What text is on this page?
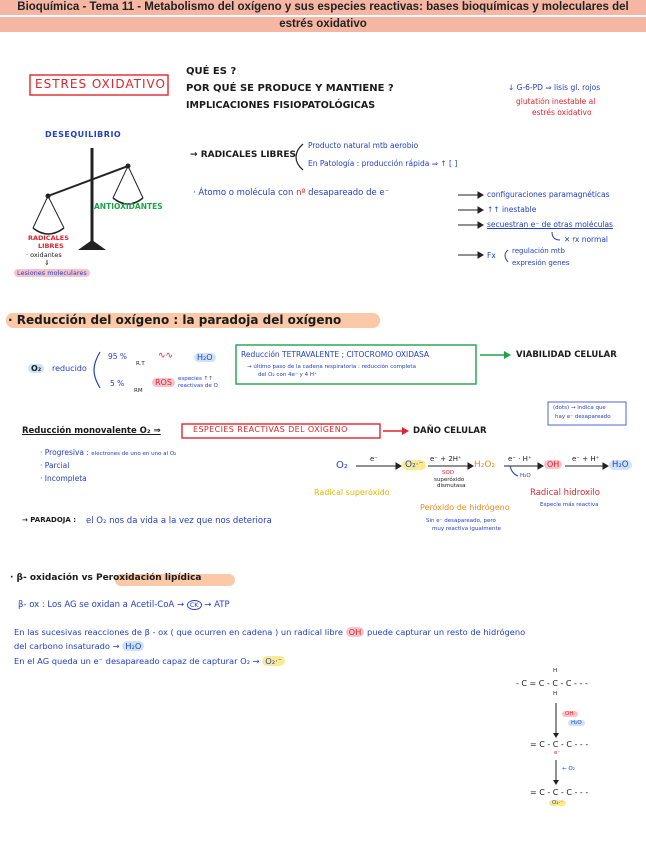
Bioquímica - Tema 11 - Metabolismo del oxígeno y sus especies reactivas: bases bioquímicas y moleculares del
estrés oxidativo
ESTRES OXIDATIVO
QUÉ ES ?
POR QUÉ SE PRODUCE Y MANTIENE ?
IMPLICACIONES FISIOPATOLÓGICAS
↓ G-6-PD ⇒ lisis gl. rojos
glutatión inestable al
estrés oxidativo
DESEQUILIBRIO
ANTIOXIDANTES
RADICALES
LIBRES
· oxidantes
⇓
Lesiones moleculares
→ RADICALES LIBRES
Producto natural mtb aerobio
En Patología : producción rápida ⇒ ↑ [ ]
· Átomo o molécula con nº desapareado de e⁻	configuraciones paramagnéticas
↑↑ inestable
secuestran e⁻ de otras moléculas
✕ 𝔣x normal
Fx regulación mtb
expresión genes
· Reducción del oxígeno : la paradoja del oxígeno
O₂	reducido
95 %
R.T
∿∿	H₂O
5 %
RM
ROS	especies ↑↑
reactivas de O
Reducción TETRAVALENTE ; CITOCROMO OXIDASA
→ último paso de la cadena respiratoria : reducción completa
del O₂ con 4e⁻ y 4 H⁺
VIABILIDAD CELULAR
(dots) → indica que
hay e⁻ desapareado
Reducción monovalente O₂ ⇒	ESPECIES REACTIVAS DEL OXÍGENO	DAÑO CELULAR
· Progresiva : electrones de uno en uno al O₂
· Parcial
· Incompleta
O₂
e⁻
O₂·⁻
e⁻ + 2H⁺
SOD
superóxido
dismutasa
H₂O₂
e⁻ · H⁺
H₂O
OH
e⁻ + H⁺
H₂O
Radical superóxido
Peróxido de hidrógeno
Sin e⁻ desapareado, pero
muy reactiva igualmente
Radical hidroxilo
Especie más reactiva
→ PARADOJA : el O₂ nos da vida a la vez que nos deteriora
· β- oxidación vs Peroxidación lipídica
β- ox : Los AG se oxidan a Acetil-CoA → CK → ATP
En las sucesivas reacciones de β - ox ( que ocurren en cadena ) un radical libre OH puede capturar un resto de hidrógeno
del carbono insaturado → H₂O
En el AG queda un e⁻ desapareado capaz de capturar O₂ → O₂·⁻
- C = C - C - C - - -
H
H
OH·
H₂O
= C - C - C - - -
e⁻
← O₂
= C - C - C - - -
O₂·⁻
